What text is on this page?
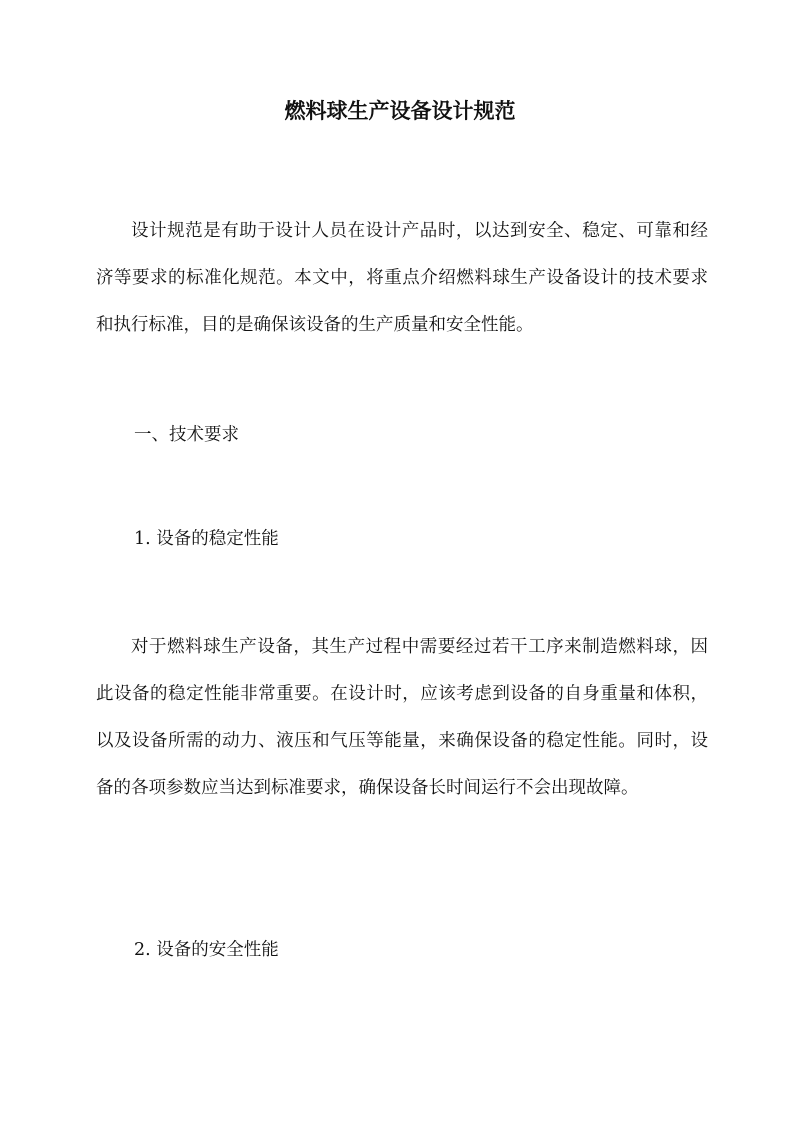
燃料球生产设备设计规范

设计规范是有助于设计人员在设计产品时，以达到安全、稳定、可靠和经济等要求的标准化规范。本文中，将重点介绍燃料球生产设备设计的技术要求和执行标准，目的是确保该设备的生产质量和安全性能。

一、技术要求

1. 设备的稳定性能

对于燃料球生产设备，其生产过程中需要经过若干工序来制造燃料球，因此设备的稳定性能非常重要。在设计时，应该考虑到设备的自身重量和体积，以及设备所需的动力、液压和气压等能量，来确保设备的稳定性能。同时，设备的各项参数应当达到标准要求，确保设备长时间运行不会出现故障。

2. 设备的安全性能
